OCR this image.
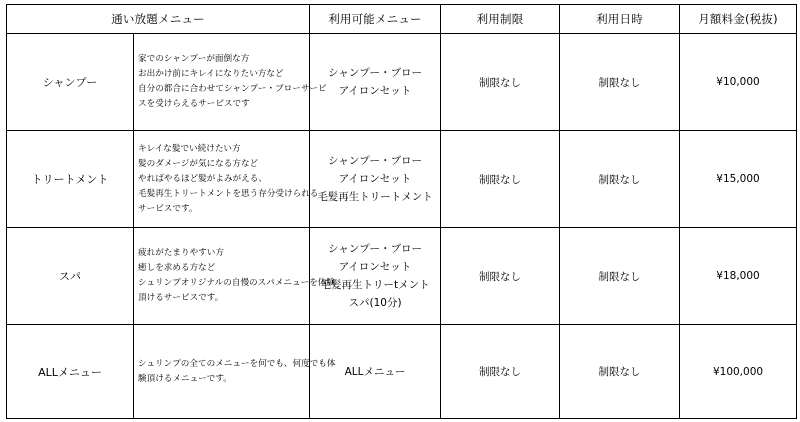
通い放題メニュー		利用可能メニュー	利用制限	利用日時	月額料金(税抜)
シャンプー	家でのシャンプーが面倒な方
お出かけ前にキレイになりたい方など
自分の都合に合わせてシャンプー・ブローサービ
スを受けらえるサービスです	シャンプー・ブロー
アイロンセット	制限なし	制限なし	¥10,000
トリートメント	キレイな髪でい続けたい方
髪のダメージが気になる方など
やればやるほど髪がよみがえる、
毛髪再生トリートメントを思う存分受けられる
サービスです。	シャンプー・ブロー
アイロンセット
毛髪再生トリートメント	制限なし	制限なし	¥15,000
スパ	疲れがたまりやすい方
癒しを求める方など
シュリンプオリジナルの自慢のスパメニューを体験
頂けるサービスです。	シャンプー・ブロー
アイロンセット
毛髪再生トリーtメント
スパ(10分)	制限なし	制限なし	¥18,000
ALLメニュー	シュリンプの全てのメニューを何でも、何度でも体
験頂けるメニューです。	ALLメニュー	制限なし	制限なし	¥100,000
